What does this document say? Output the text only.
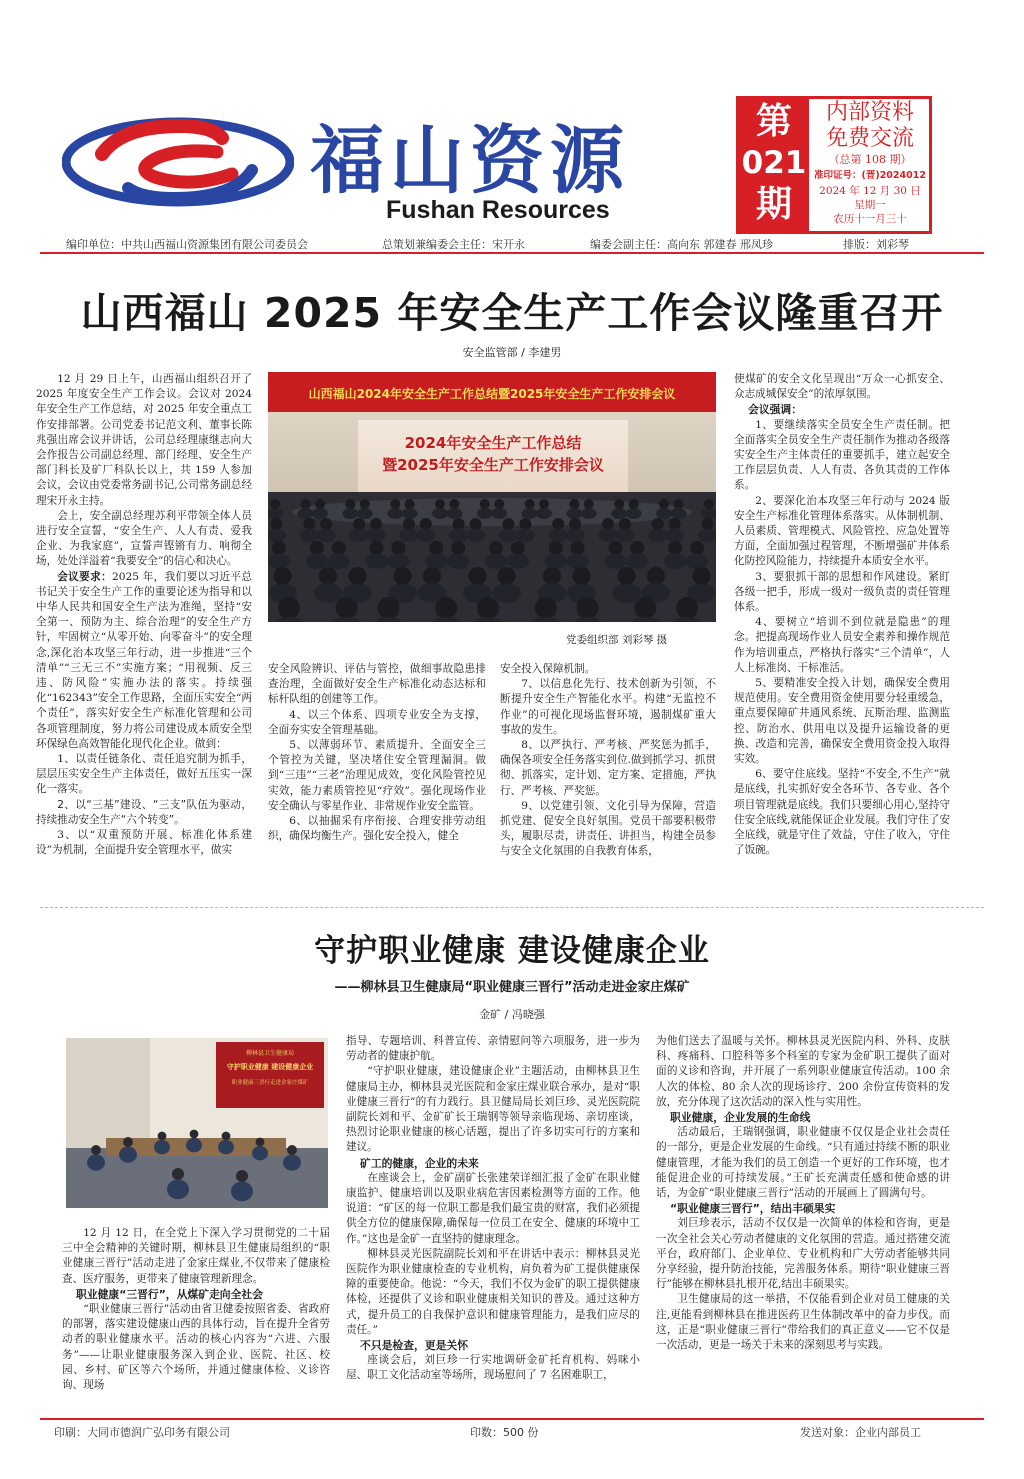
福山资源
Fushan Resources
第
021
期
内部资料
免费交流
（总第 108 期）
准印证号：(晋)2024012
2024 年 12 月 30 日
星期一
农历十一月三十
编印单位：中共山西福山资源集团有限公司委员会	总策划兼编委会主任：宋开永	编委会副主任：高向东 郭建春 邢凤珍	排版：刘彩琴
山西福山 2025 年安全生产工作会议隆重召开
安全监管部 / 李建男

12 月 29 日上午，山西福山组织召开了 2025 年度安全生产工作会议。会议对 2024 年安全生产工作总结，对 2025 年安全重点工作安排部署。公司党委书记范文利、董事长陈兆强出席会议并讲话，公司总经理康继志向大会作报告公司副总经理、部门经理、安全生产部门科长及矿厂科队长以上，共 159 人参加会议，会议由党委常务副书记,公司常务副总经理宋开永主持。

会上，安全副总经理苏利平带领全体人员进行安全宣誓，“安全生产、人人有责、爱我企业、为我家庭”，宣誓声铿锵有力、响彻全场，处处洋溢着“我要安全”的信心和决心。

会议要求：2025 年，我们要以习近平总书记关于安全生产工作的重要论述为指导和以中华人民共和国安全生产法为准绳，坚持“安全第一、预防为主、综合治理”的安全生产方针，牢固树立“从零开始、向零奋斗”的安全理念,深化治本攻坚三年行动，进一步推进“三个清单”“三无三不”实施方案；“用视频、反三违、防风险”实施办法的落实。持续强化“162343”安全工作思路，全面压实安全“两个责任”，落实好安全生产标准化管理和公司各项管理制度，努力将公司建设成本质安全型环保绿色高效智能化现代化企业。做到：

1、以责任链条化、责任追究制为抓手，层层压实安全生产主体责任，做好五压实一深化一落实。

2、以“三基”建设、“三支”队伍为驱动，持续推动安全生产“六个转变”。

3、以“双重预防开展、标准化体系建设”为机制，全面提升安全管理水平，做实

山西福山2024年安全生产工作总结暨2025年安全生产工作安排会议
2024年安全生产工作总结
暨2025年安全生产工作安排会议
党委组织部 刘彩琴 摄

安全风险辨识、评估与管控，做细事故隐患排查治理，全面做好安全生产标准化动态达标和标杆队组的创建等工作。

4、以三个体系、四项专业安全为支撑，全面夯实安全管理基础。

5、以薄弱环节、素质提升、全面安全三个管控为关键，坚决堵住安全管理漏洞。做到“三违”“三老”治理见成效，变化风险管控见实效，能力素质管控见“疗效”。强化现场作业安全确认与零星作业、非常规作业安全监管。

6、以抽掘采有序衔接、合理安排劳动组织，确保均衡生产。强化安全投入，健全

安全投入保障机制。

7、以信息化先行、技术创新为引领，不断提升安全生产智能化水平。构建“无监控不作业”的可视化现场监督环境，遏制煤矿重大事故的发生。

8、以严执行、严考核、严奖惩为抓手，确保各项安全任务落实到位.做到抓学习、抓贯彻、抓落实，定计划、定方案、定措施，严执行、严考核、严奖惩。

9、以党建引领、文化引导为保障，营造抓党建、促安全良好氛围。党员干部要积极带头，履职尽责，讲责任、讲担当，构建全员参与安全文化氛围的自我教育体系，

使煤矿的安全文化呈现出“万众一心抓安全、众志成城保安全”的浓厚氛围。

会议强调：

1、要继续落实全员安全生产责任制。把全面落实全员安全生产责任制作为推动各级落实安全生产主体责任的重要抓手，建立起安全工作层层负责、人人有责、各负其责的工作体系。

2、要深化治本攻坚三年行动与 2024 版安全生产标准化管理体系落实。从体制机制、人员素质、管理模式、风险管控、应急处置等方面，全面加强过程管理，不断增强矿井体系化防控风险能力，持续提升本质安全水平。

3、要狠抓干部的思想和作风建设。紧盯各级一把手，形成一级对一级负责的责任管理体系。

4、要树立“培训不到位就是隐患”的理念。把提高现场作业人员安全素养和操作规范作为培训重点，严格执行落实“三个清单”，人人上标准岗、干标准活。

5、要精准安全投入计划，确保安全费用规范使用。安全费用资金使用要分轻重缓急，重点要保障矿井通风系统、瓦斯治理、监测监控、防治水、供用电以及提升运输设备的更换、改造和完善，确保安全费用资金投入取得实效。

6、要守住底线。坚持“不安全,不生产”就是底线，扎实抓好安全各环节、各专业、各个项目管理就是底线。我们只要细心用心,坚持守住安全底线,就能保证企业发展。我们守住了安全底线，就是守住了效益，守住了收入，守住了饭碗。

守护职业健康 建设健康企业
——柳林县卫生健康局“职业健康三晋行”活动走进金家庄煤矿
金矿 / 冯晓强
柳林县卫生健康局
守护职业健康 建设健康企业
职业健康三晋行走进金家庄煤矿

12 月 12 日，在全党上下深入学习贯彻党的二十届三中全会精神的关键时期，柳林县卫生健康局组织的“职业健康三晋行”活动走进了金家庄煤业,不仅带来了健康检查、医疗服务，更带来了健康管理新理念。

职业健康“三晋行”，从煤矿走向全社会

“职业健康三晋行”活动由省卫健委按照省委、省政府的部署，落实建设健康山西的具体行动，旨在提升全省劳动者的职业健康水平。活动的核心内容为“六进、六服务”——让职业健康服务深入到企业、医院、社区、校园、乡村、矿区等六个场所，并通过健康体检、义诊咨询、现场

指导、专题培训、科普宣传、亲情慰问等六项服务，进一步为劳动者的健康护航。

“守护职业健康，建设健康企业”主题活动，由柳林县卫生健康局主办，柳林县灵光医院和金家庄煤业联合承办，是对“职业健康三晋行”的有力践行。县卫健局局长刘巨珍、灵光医院院副院长刘和平、金矿矿长王瑞钢等领导亲临现场、亲切座谈，热烈讨论职业健康的核心话题，提出了许多切实可行的方案和建议。

矿工的健康，企业的未来

在座谈会上，金矿副矿长张建荣详细汇报了金矿在职业健康监护、健康培训以及职业病危害因素检测等方面的工作。他说道：“矿区的每一位职工都是我们最宝贵的财富，我们必须提供全方位的健康保障,确保每一位员工在安全、健康的环境中工作。”这也是金矿一直坚持的健康理念。

柳林县灵光医院副院长刘和平在讲话中表示：柳林县灵光医院作为职业健康检查的专业机构，肩负着为矿工提供健康保障的重要使命。他说：“今天，我们不仅为金矿的职工提供健康体检，还提供了义诊和职业健康相关知识的普及。通过这种方式，提升员工的自我保护意识和健康管理能力，是我们应尽的责任。”

不只是检查，更是关怀

座谈会后，刘巨珍一行实地调研金矿托育机构、妈咪小屋、职工文化活动室等场所，现场慰问了 7 名困难职工，

为他们送去了温暖与关怀。柳林县灵光医院内科、外科、皮肤科、疼痛科、口腔科等多个科室的专家为金矿职工提供了面对面的义诊和咨询，并开展了一系列职业健康宣传活动。100 余人次的体检、80 余人次的现场诊疗、200 余份宣传资料的发放，充分体现了这次活动的深入性与实用性。

职业健康，企业发展的生命线

活动最后，王瑞钢强调，职业健康不仅仅是企业社会责任的一部分，更是企业发展的生命线。“只有通过持续不断的职业健康管理，才能为我们的员工创造一个更好的工作环境，也才能促进企业的可持续发展。”王矿长充满责任感和使命感的讲话，为金矿“职业健康三晋行”活动的开展画上了圆满句号。

“职业健康三晋行”，结出丰硕果实

刘巨珍表示，活动不仅仅是一次简单的体检和咨询，更是一次全社会关心劳动者健康的文化氛围的营造。通过搭建交流平台，政府部门、企业单位、专业机构和广大劳动者能够共同分享经验，提升防治技能，完善服务体系。期待“职业健康三晋行”能够在柳林县扎根开花,结出丰硕果实。

卫生健康局的这一举措，不仅能看到企业对员工健康的关注,更能看到柳林县在推进医药卫生体制改革中的奋力步伐。而这，正是“职业健康三晋行”带给我们的真正意义——它不仅是一次活动，更是一场关于未来的深刻思考与实践。

印刷：大同市德润广弘印务有限公司	印数：500 份	发送对象：企业内部员工
